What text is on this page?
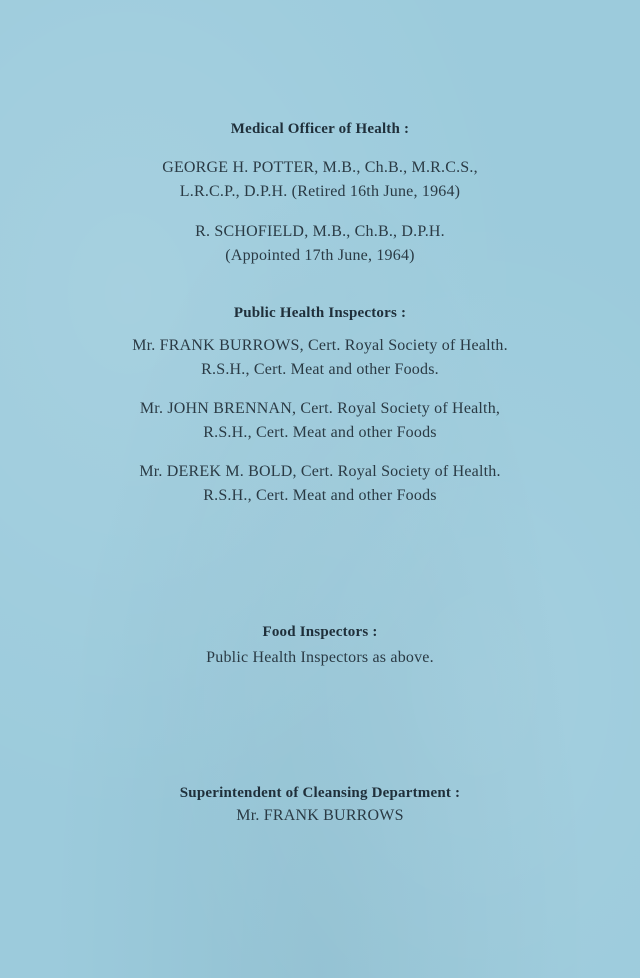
Medical Officer of Health :
GEORGE H. POTTER, M.B., Ch.B., M.R.C.S.,
L.R.C.P., D.P.H. (Retired 16th June, 1964)
R. SCHOFIELD, M.B., Ch.B., D.P.H.
(Appointed 17th June, 1964)
Public Health Inspectors :
Mr. FRANK BURROWS, Cert. Royal Society of Health.
R.S.H., Cert. Meat and other Foods.
Mr. JOHN BRENNAN, Cert. Royal Society of Health,
R.S.H., Cert. Meat and other Foods
Mr. DEREK M. BOLD, Cert. Royal Society of Health.
R.S.H., Cert. Meat and other Foods
Food Inspectors :
Public Health Inspectors as above.
Superintendent of Cleansing Department :
Mr. FRANK BURROWS
